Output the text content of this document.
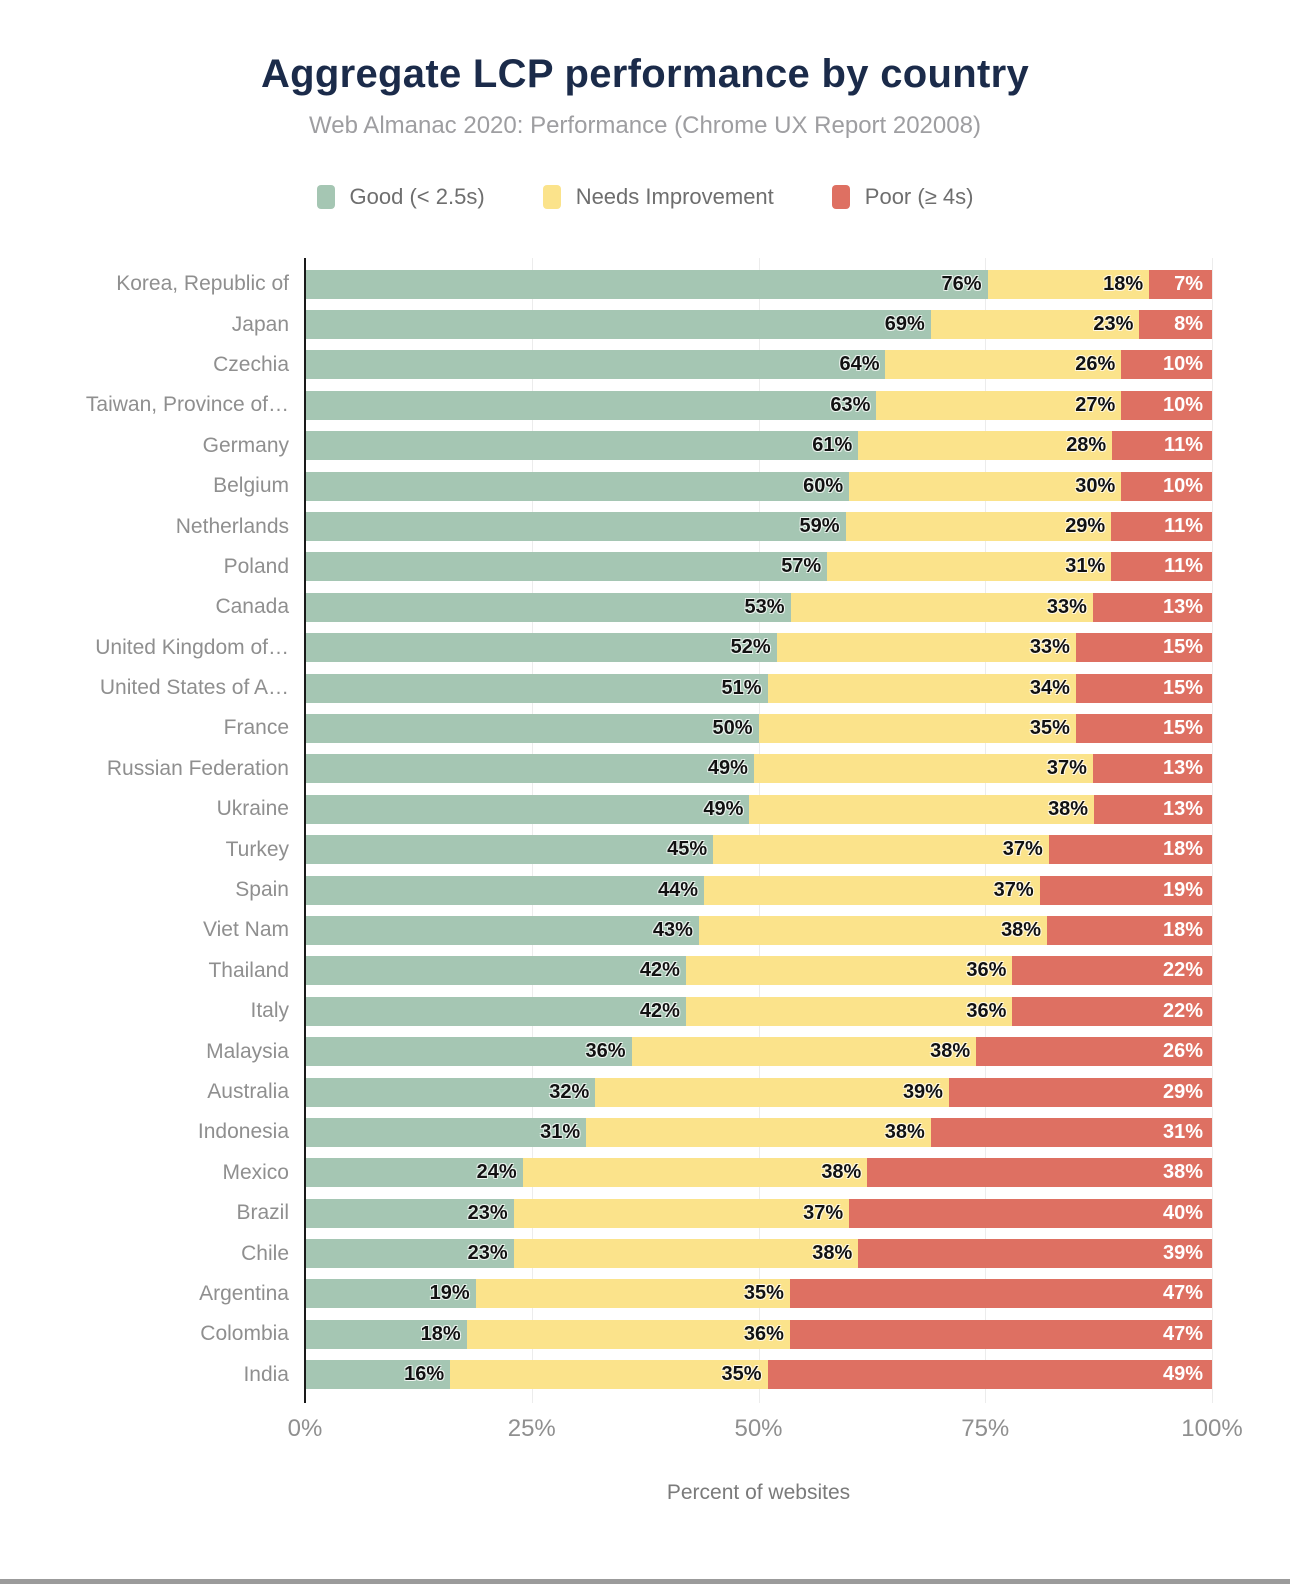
Aggregate LCP performance by country
Web Almanac 2020: Performance (Chrome UX Report 202008)
Good (< 2.5s)	Needs Improvement	Poor (≥ 4s)
Korea, Republic of	76%	18%	7%
Japan	69%	23%	8%
Czechia	64%	26%	10%
Taiwan, Province of…	63%	27%	10%
Germany	61%	28%	11%
Belgium	60%	30%	10%
Netherlands	59%	29%	11%
Poland	57%	31%	11%
Canada	53%	33%	13%
United Kingdom of…	52%	33%	15%
United States of A…	51%	34%	15%
France	50%	35%	15%
Russian Federation	49%	37%	13%
Ukraine	49%	38%	13%
Turkey	45%	37%	18%
Spain	44%	37%	19%
Viet Nam	43%	38%	18%
Thailand	42%	36%	22%
Italy	42%	36%	22%
Malaysia	36%	38%	26%
Australia	32%	39%	29%
Indonesia	31%	38%	31%
Mexico	24%	38%	38%
Brazil	23%	37%	40%
Chile	23%	38%	39%
Argentina	19%	35%	47%
Colombia	18%	36%	47%
India	16%	35%	49%
0%	25%	50%	75%	100%
Percent of websites
